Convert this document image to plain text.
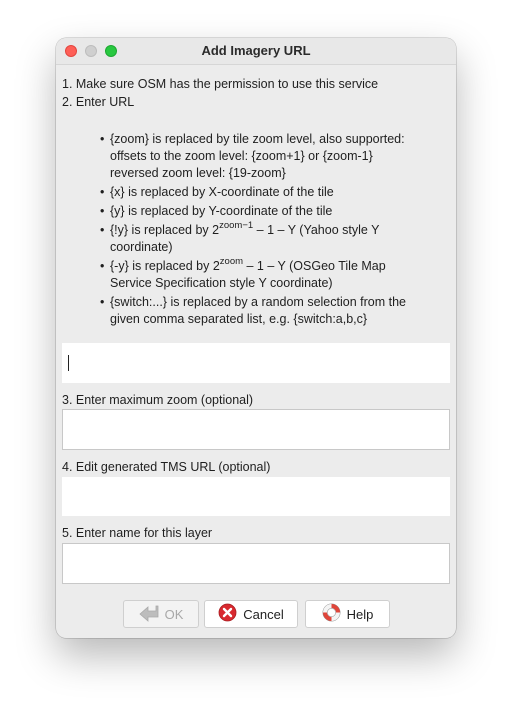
Add Imagery URL
1. Make sure OSM has the permission to use this service
2. Enter URL
• {zoom} is replaced by tile zoom level, also supported:
offsets to the zoom level: {zoom+1} or {zoom-1}
reversed zoom level: {19-zoom}
• {x} is replaced by X-coordinate of the tile
• {y} is replaced by Y-coordinate of the tile
• {!y} is replaced by $2^{zoom-1} - 1$ – Y (Yahoo style Y
coordinate)
• {-y} is replaced by $2^{zoom} - 1$ – Y (OSGeo Tile Map
Service Specification style Y coordinate)
• {switch:...} is replaced by a random selection from the
given comma separated list, e.g. {switch:a,b,c}
3. Enter maximum zoom (optional)
4. Edit generated TMS URL (optional)
5. Enter name for this layer
OK	Cancel	Help
